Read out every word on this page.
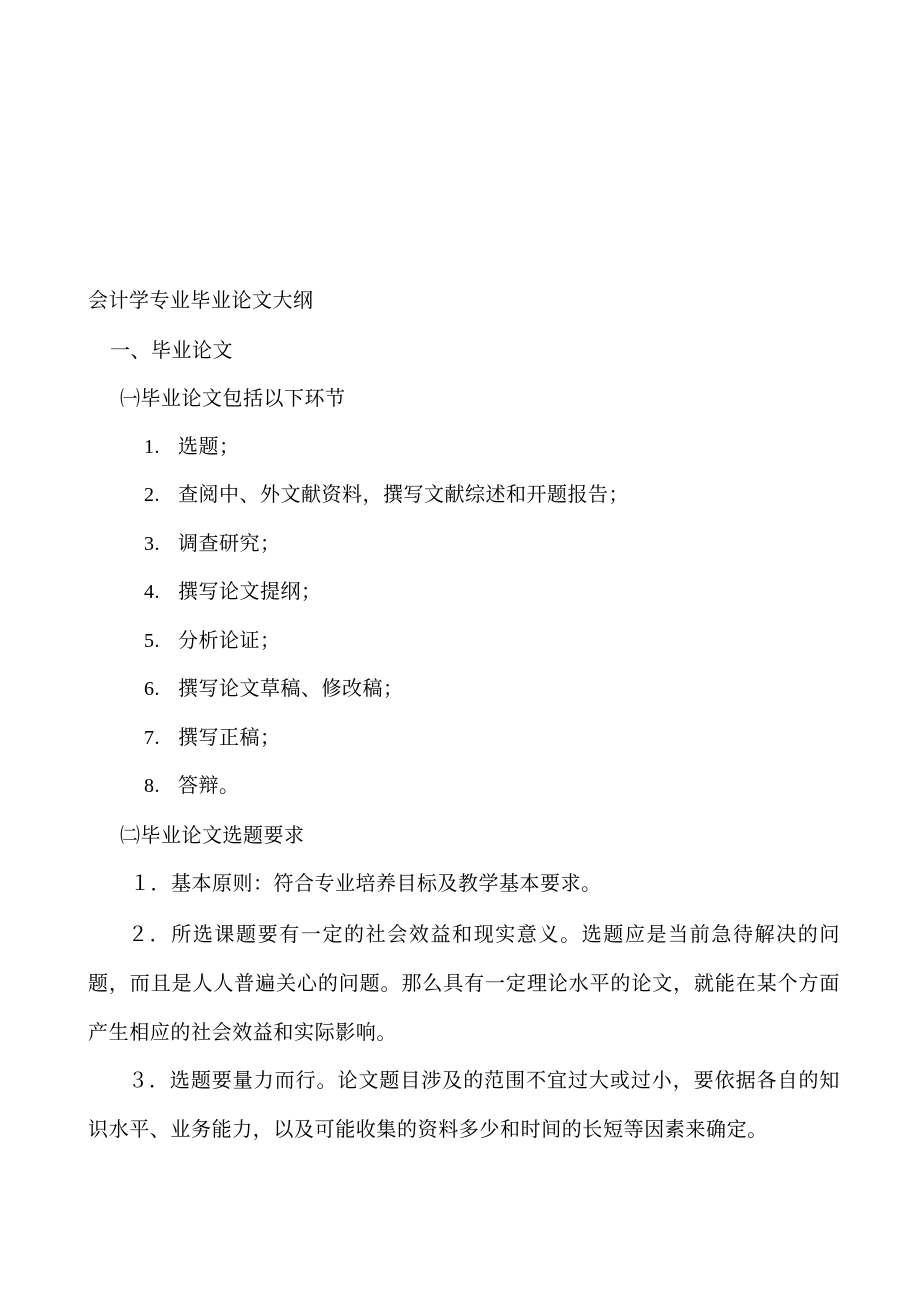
会计学专业毕业论文大纲
一、毕业论文
㈠毕业论文包括以下环节
1. 选题；
2. 查阅中、外文献资料，撰写文献综述和开题报告；
3. 调查研究；
4. 撰写论文提纲；
5. 分析论证；
6. 撰写论文草稿、修改稿；
7. 撰写正稿；
8. 答辩。
㈡毕业论文选题要求
１．基本原则：符合专业培养目标及教学基本要求。
２．所选课题要有一定的社会效益和现实意义。选题应是当前急待解决的问题，而且是人人普遍关心的问题。那么具有一定理论水平的论文，就能在某个方面产生相应的社会效益和实际影响。
３．选题要量力而行。论文题目涉及的范围不宜过大或过小，要依据各自的知识水平、业务能力，以及可能收集的资料多少和时间的长短等因素来确定。
